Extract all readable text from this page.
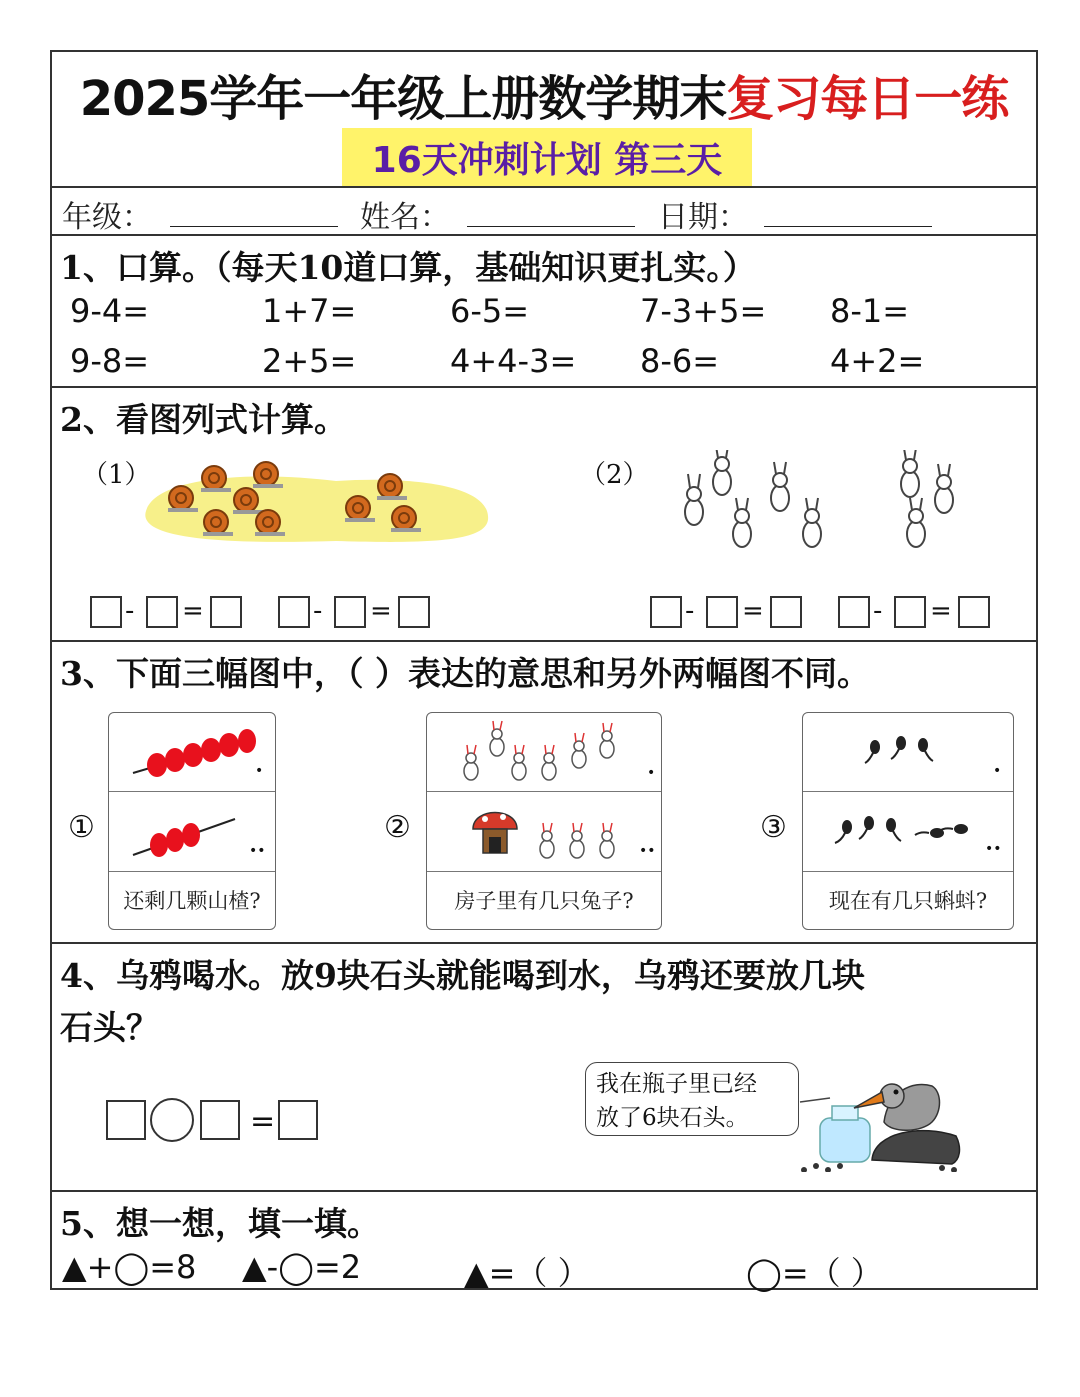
2025学年一年级上册数学期末复习每日一练
16天冲刺计划 第三天
年级：	姓名：	日期：
1、口算。（每天10道口算，基础知识更扎实。）
9-4=	1+7=	6-5=	7-3+5= 8-1=
9-8=	2+5=	4+4-3= 8-6=	4+2=
2、看图列式计算。
（1）	（2）
- =	- =	- =	- =
3、下面三幅图中，（ ）表达的意思和另外两幅图不同。
①
•
••
还剩几颗山楂?
②
•
••
房子里有几只兔子?
③
•
••
现在有几只蝌蚪?
4、乌鸦喝水。放9块石头就能喝到水，乌鸦还要放几块
石头？
=
我在瓶子里已经
放了6块石头。
5、想一想，填一填。
▲+◯=8 ▲-◯=2	▲=（ ）	◯=（ ）
